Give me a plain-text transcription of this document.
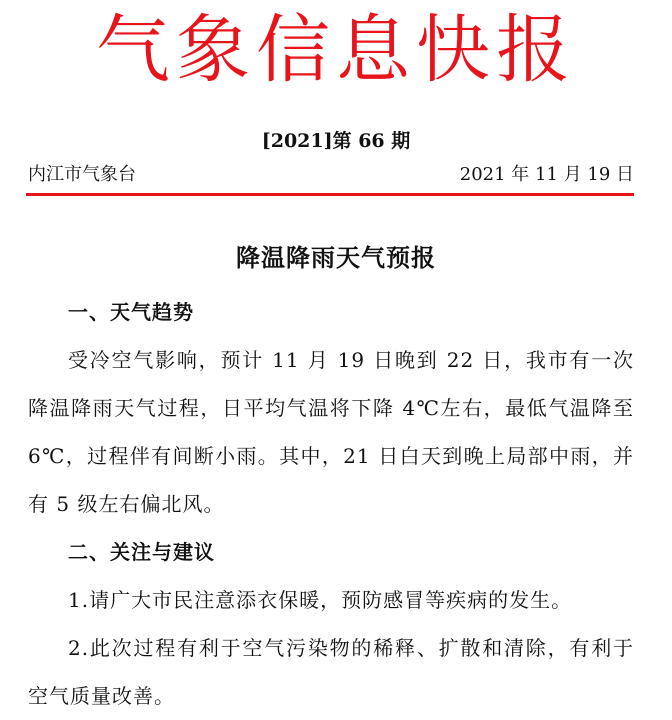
气象信息快报
[2021]第 66 期
内江市气象台	2021 年 11 月 19 日
降温降雨天气预报

一、天气趋势

受冷空气影响，预计 11 月 19 日晚到 22 日，我市有一次降温降雨天气过程，日平均气温将下降 4℃左右，最低气温降至 6℃，过程伴有间断小雨。其中，21 日白天到晚上局部中雨，并有 5 级左右偏北风。

二、关注与建议

1.请广大市民注意添衣保暖，预防感冒等疾病的发生。

2.此次过程有利于空气污染物的稀释、扩散和清除，有利于空气质量改善。
